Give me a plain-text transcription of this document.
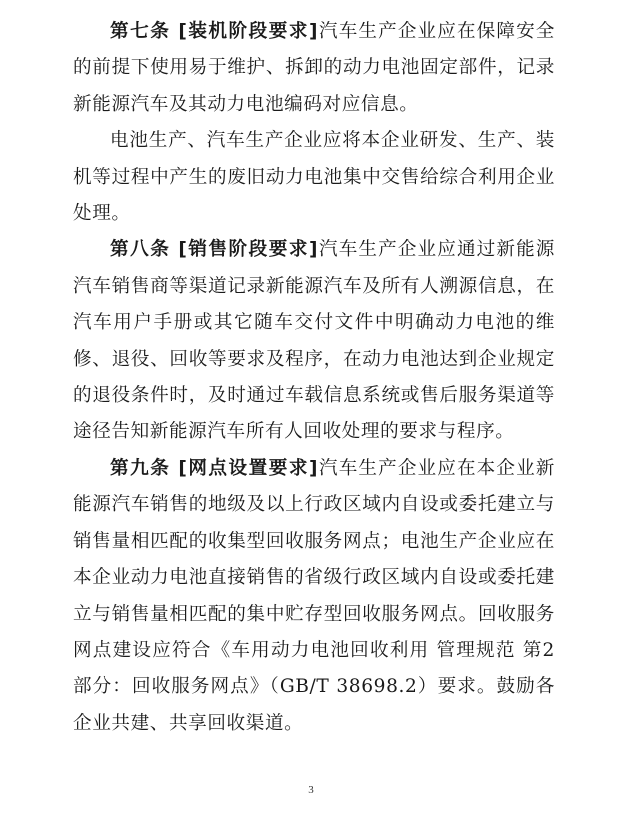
第七条 [装机阶段要求]汽车生产企业应在保障安全的前提下使用易于维护、拆卸的动力电池固定部件，记录新能源汽车及其动力电池编码对应信息。

电池生产、汽车生产企业应将本企业研发、生产、装机等过程中产生的废旧动力电池集中交售给综合利用企业处理。

第八条 [销售阶段要求]汽车生产企业应通过新能源汽车销售商等渠道记录新能源汽车及所有人溯源信息，在汽车用户手册或其它随车交付文件中明确动力电池的维修、退役、回收等要求及程序，在动力电池达到企业规定的退役条件时，及时通过车载信息系统或售后服务渠道等途径告知新能源汽车所有人回收处理的要求与程序。

第九条 [网点设置要求]汽车生产企业应在本企业新能源汽车销售的地级及以上行政区域内自设或委托建立与销售量相匹配的收集型回收服务网点；电池生产企业应在本企业动力电池直接销售的省级行政区域内自设或委托建立与销售量相匹配的集中贮存型回收服务网点。回收服务网点建设应符合《车用动力电池回收利用 管理规范 第2部分：回收服务网点》（GB/T 38698.2）要求。鼓励各企业共建、共享回收渠道。

3
